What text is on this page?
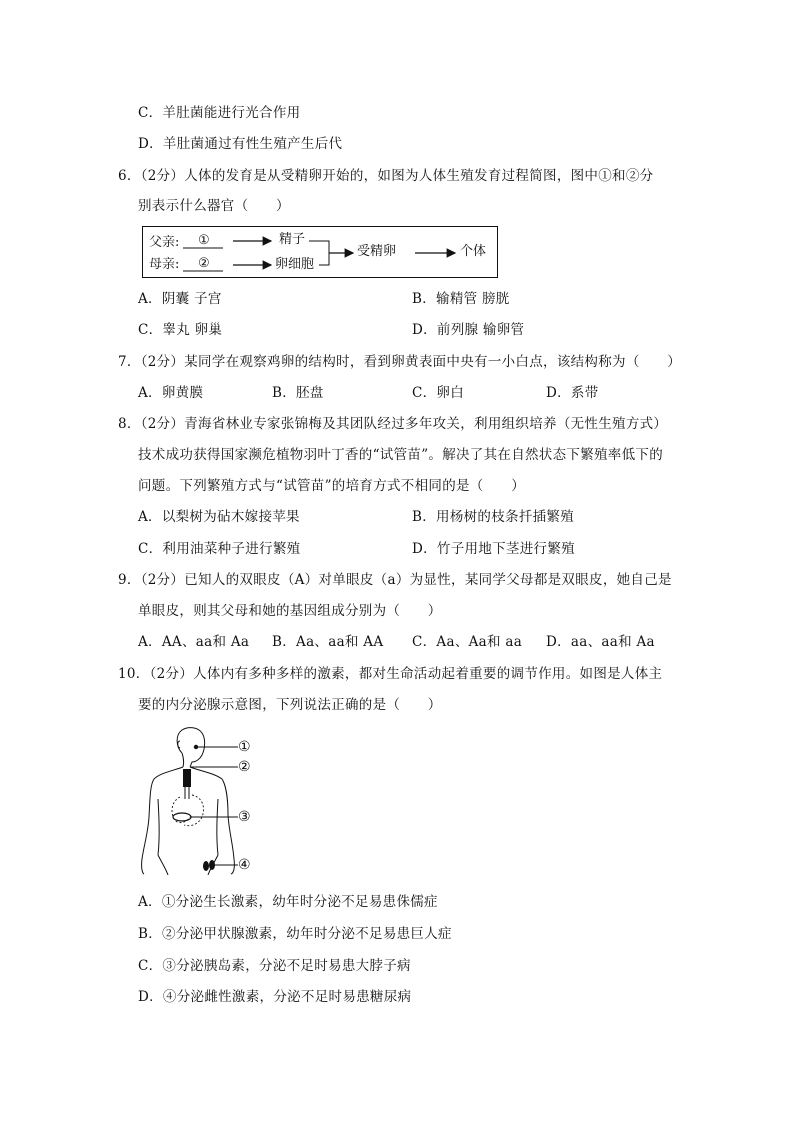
C．羊肚菌能进行光合作用
D．羊肚菌通过有性生殖产生后代
6．（2分）人体的发育是从受精卵开始的，如图为人体生殖发育过程简图，图中①和②分
别表示什么器官（　　）
父亲:
母亲:
①
②
精子
卵细胞
受精卵	个体
A．阴囊 子宫	B．输精管 膀胱
C．睾丸 卵巢	D．前列腺 输卵管
7．（2分）某同学在观察鸡卵的结构时，看到卵黄表面中央有一小白点，该结构称为（　　）
A．卵黄膜	B．胚盘	C．卵白	D．系带
8．（2分）青海省林业专家张锦梅及其团队经过多年攻关，利用组织培养（无性生殖方式）
技术成功获得国家濒危植物羽叶丁香的“试管苗”。解决了其在自然状态下繁殖率低下的
问题。下列繁殖方式与“试管苗”的培育方式不相同的是（　　）
A．以梨树为砧木嫁接苹果	B．用杨树的枝条扦插繁殖
C．利用油菜种子进行繁殖	D．竹子用地下茎进行繁殖
9．（2分）已知人的双眼皮（A）对单眼皮（a）为显性，某同学父母都是双眼皮，她自己是
单眼皮，则其父母和她的基因组成分别为（　　）
A．AA、aa和 Aa B．Aa、aa和 AA C．Aa、Aa和 aa D．aa、aa和 Aa
10．（2分）人体内有多种多样的激素，都对生命活动起着重要的调节作用。如图是人体主
要的内分泌腺示意图，下列说法正确的是（　　）
①
②
③
④
A．①分泌生长激素，幼年时分泌不足易患侏儒症
B．②分泌甲状腺激素，幼年时分泌不足易患巨人症
C．③分泌胰岛素，分泌不足时易患大脖子病
D．④分泌雌性激素，分泌不足时易患糖尿病
